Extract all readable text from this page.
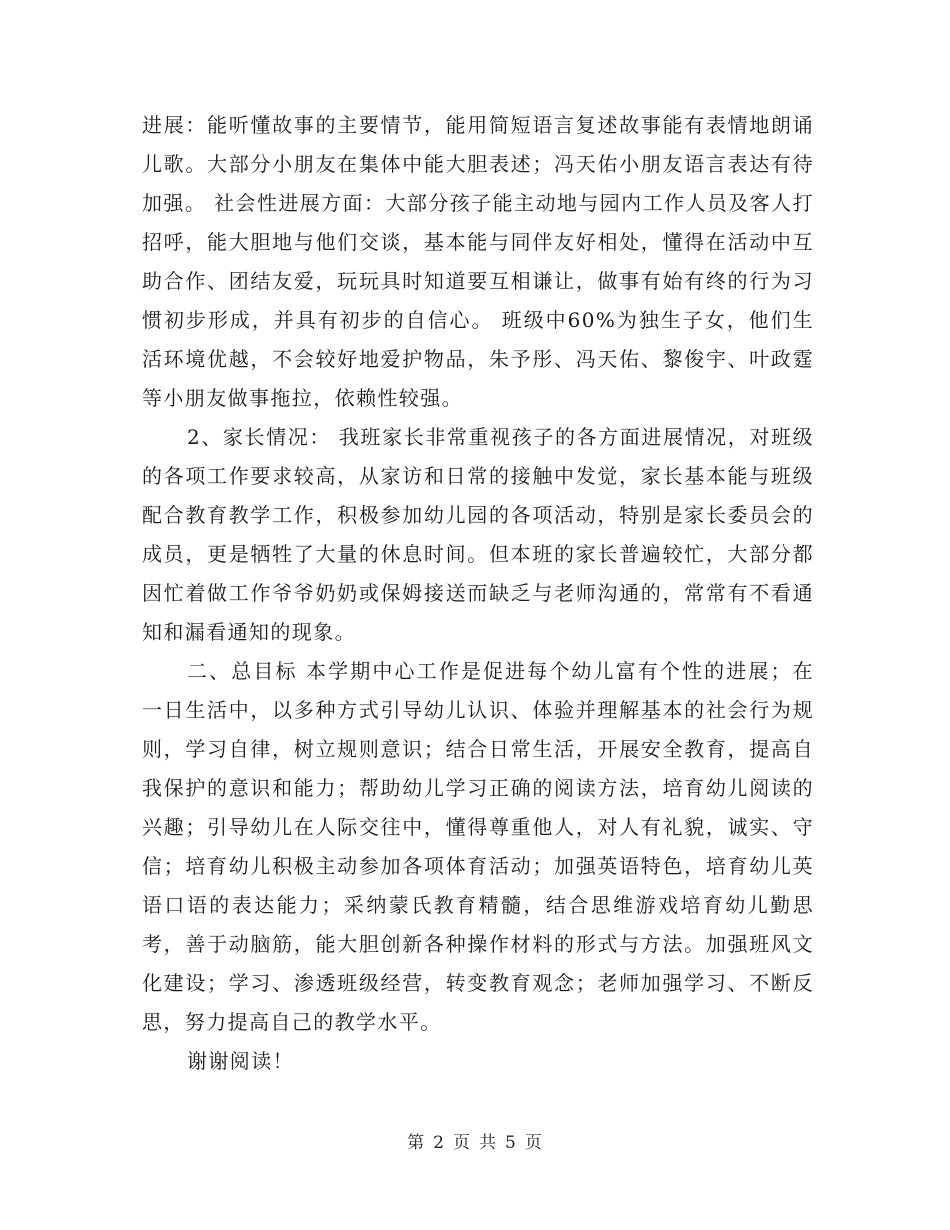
进展：能听懂故事的主要情节，能用简短语言复述故事能有表情地朗诵儿歌。大部分小朋友在集体中能大胆表述；冯天佑小朋友语言表达有待加强。 社会性进展方面：大部分孩子能主动地与园内工作人员及客人打招呼，能大胆地与他们交谈，基本能与同伴友好相处，懂得在活动中互助合作、团结友爱，玩玩具时知道要互相谦让，做事有始有终的行为习惯初步形成，并具有初步的自信心。 班级中60%为独生子女，他们生活环境优越，不会较好地爱护物品，朱予彤、冯天佑、黎俊宇、叶政霆等小朋友做事拖拉，依赖性较强。

2、家长情况： 我班家长非常重视孩子的各方面进展情况，对班级的各项工作要求较高，从家访和日常的接触中发觉，家长基本能与班级配合教育教学工作，积极参加幼儿园的各项活动，特别是家长委员会的成员，更是牺牲了大量的休息时间。但本班的家长普遍较忙，大部分都因忙着做工作爷爷奶奶或保姆接送而缺乏与老师沟通的，常常有不看通知和漏看通知的现象。

二、总目标 本学期中心工作是促进每个幼儿富有个性的进展；在一日生活中，以多种方式引导幼儿认识、体验并理解基本的社会行为规则，学习自律，树立规则意识；结合日常生活，开展安全教育，提高自我保护的意识和能力；帮助幼儿学习正确的阅读方法，培育幼儿阅读的兴趣；引导幼儿在人际交往中，懂得尊重他人，对人有礼貌，诚实、守信；培育幼儿积极主动参加各项体育活动；加强英语特色，培育幼儿英语口语的表达能力；采纳蒙氏教育精髓，结合思维游戏培育幼儿勤思考，善于动脑筋，能大胆创新各种操作材料的形式与方法。加强班风文化建设；学习、渗透班级经营，转变教育观念；老师加强学习、不断反思，努力提高自己的教学水平。

谢谢阅读！

第 2 页 共 5 页
